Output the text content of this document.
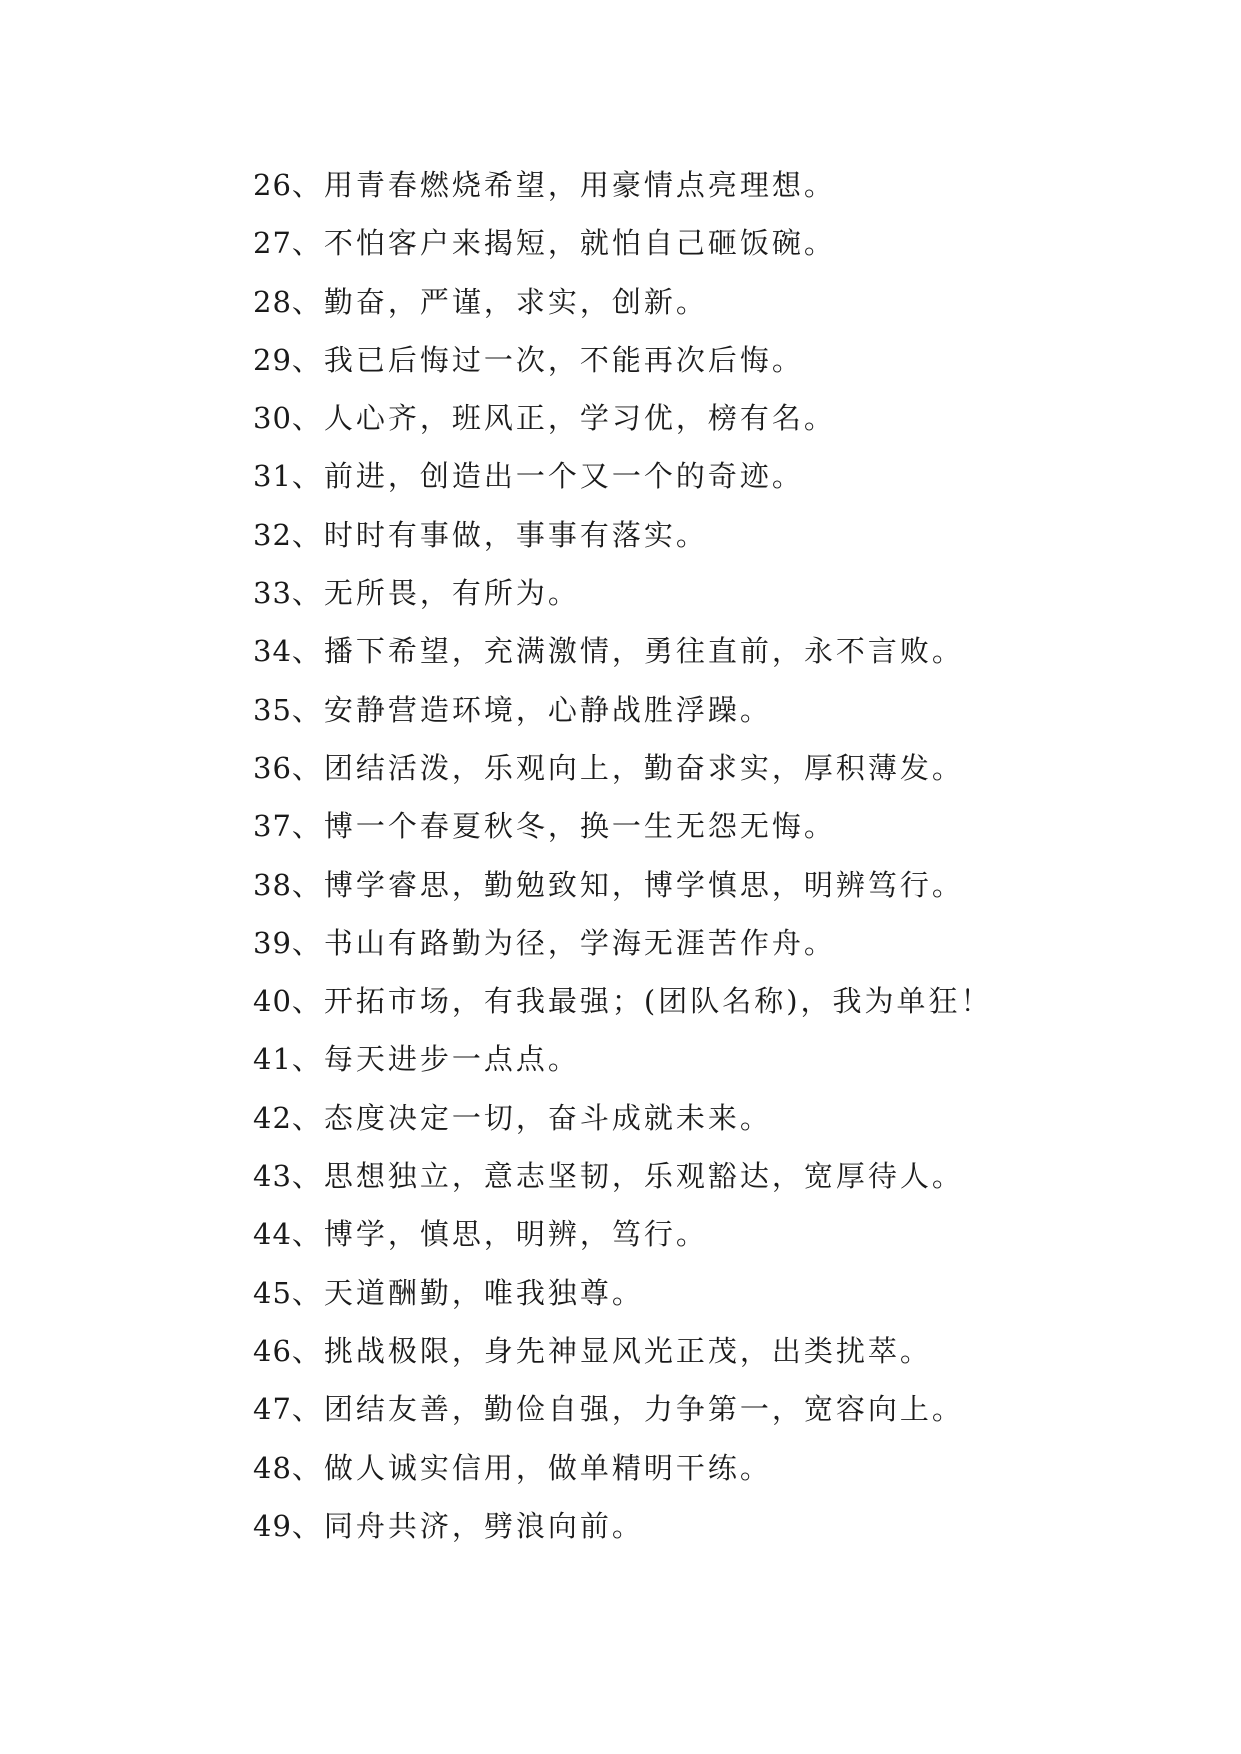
26、用青春燃烧希望，用豪情点亮理想。
27、不怕客户来揭短，就怕自己砸饭碗。
28、勤奋，严谨，求实，创新。
29、我已后悔过一次，不能再次后悔。
30、人心齐，班风正，学习优，榜有名。
31、前进，创造出一个又一个的奇迹。
32、时时有事做，事事有落实。
33、无所畏，有所为。
34、播下希望，充满激情，勇往直前，永不言败。
35、安静营造环境，心静战胜浮躁。
36、团结活泼，乐观向上，勤奋求实，厚积薄发。
37、博一个春夏秋冬，换一生无怨无悔。
38、博学睿思，勤勉致知，博学慎思，明辨笃行。
39、书山有路勤为径，学海无涯苦作舟。
40、开拓市场，有我最强；(团队名称)，我为单狂！
41、每天进步一点点。
42、态度决定一切，奋斗成就未来。
43、思想独立，意志坚韧，乐观豁达，宽厚待人。
44、博学，慎思，明辨，笃行。
45、天道酬勤，唯我独尊。
46、挑战极限，身先神显风光正茂，出类扰萃。
47、团结友善，勤俭自强，力争第一，宽容向上。
48、做人诚实信用，做单精明干练。
49、同舟共济，劈浪向前。
